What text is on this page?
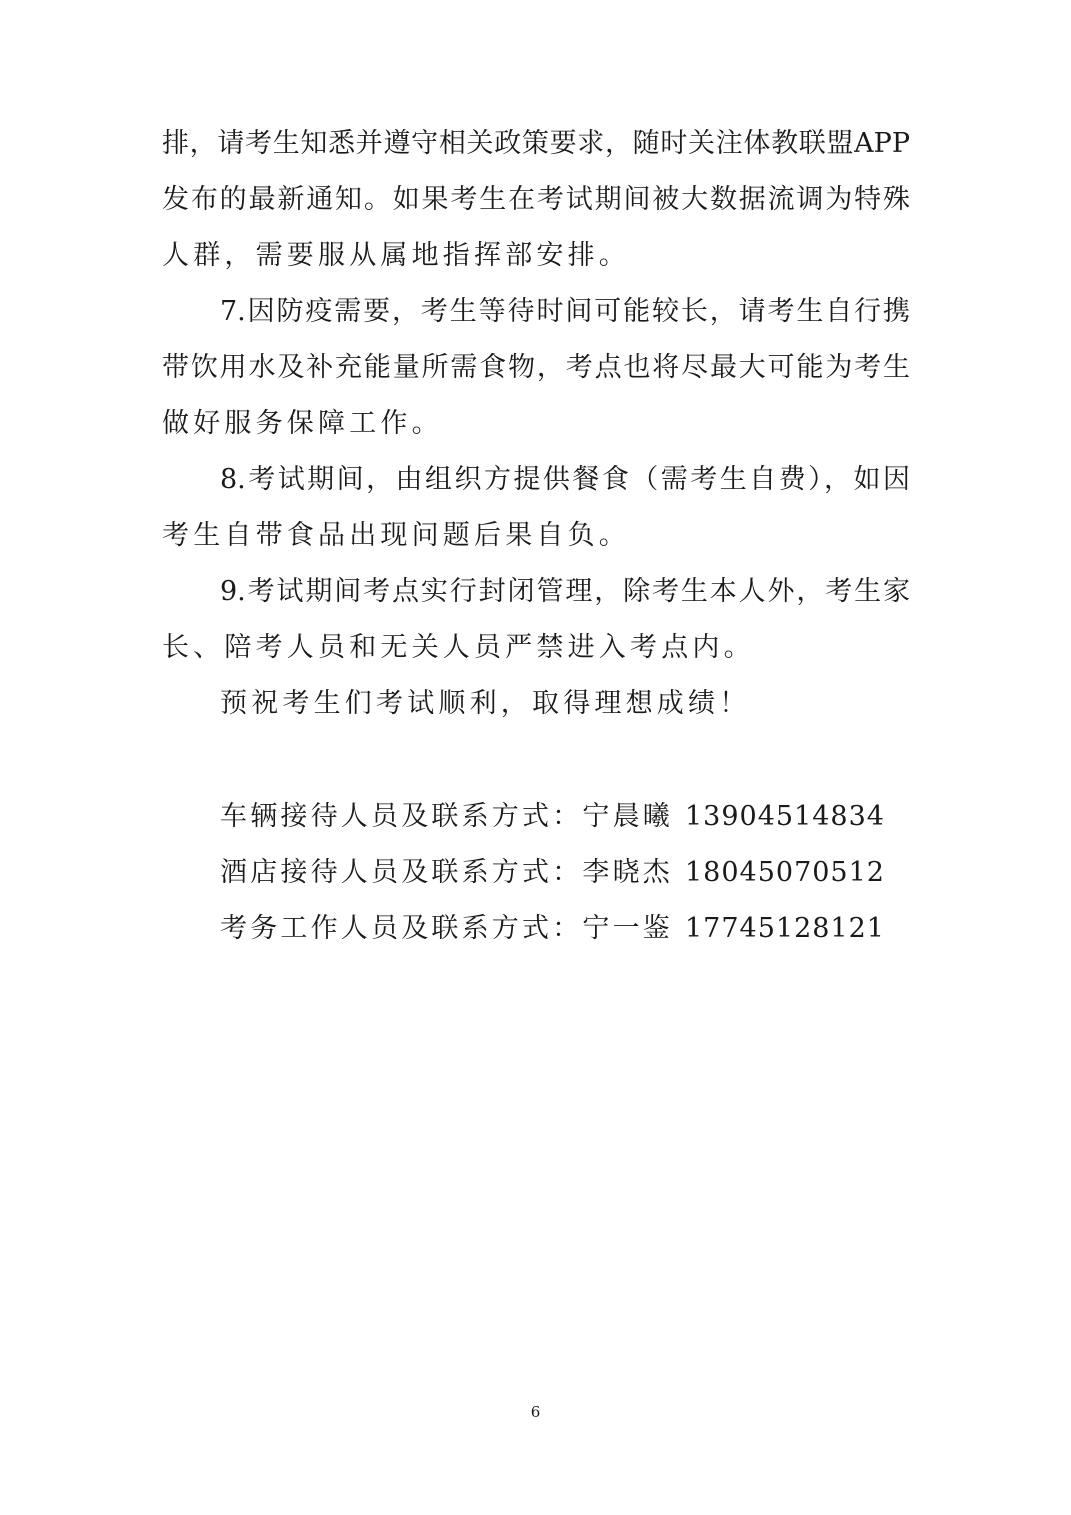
排，请考生知悉并遵守相关政策要求，随时关注体教联盟APP
发布的最新通知。如果考生在考试期间被大数据流调为特殊
人群，需要服从属地指挥部安排。
7.因防疫需要，考生等待时间可能较长，请考生自行携
带饮用水及补充能量所需食物，考点也将尽最大可能为考生
做好服务保障工作。
8.考试期间，由组织方提供餐食（需考生自费），如因
考生自带食品出现问题后果自负。
9.考试期间考点实行封闭管理，除考生本人外，考生家
长、陪考人员和无关人员严禁进入考点内。
预祝考生们考试顺利，取得理想成绩！
车辆接待人员及联系方式：宁晨曦 13904514834
酒店接待人员及联系方式：李晓杰 18045070512
考务工作人员及联系方式：宁一鉴 17745128121
6
